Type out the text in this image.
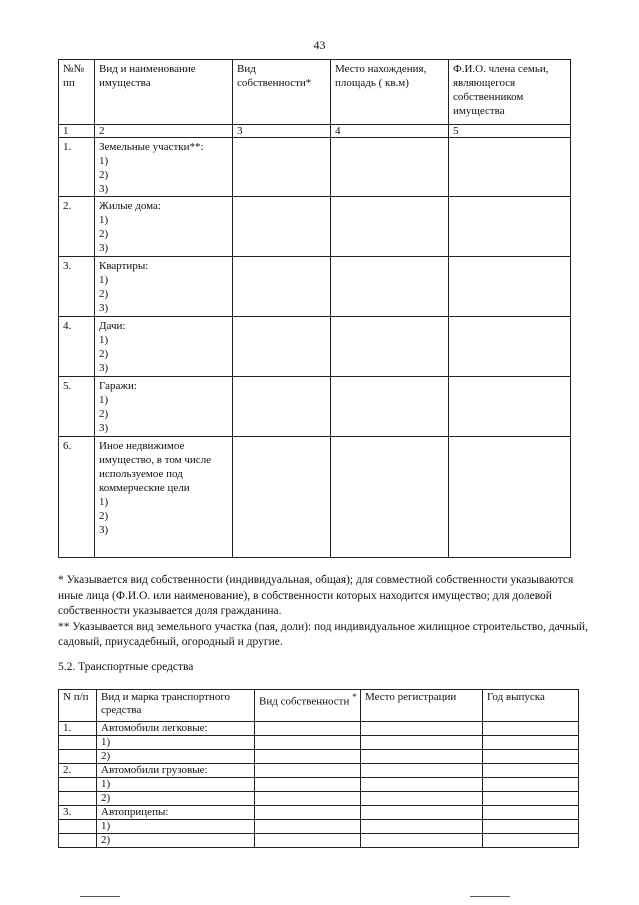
43
№№ пп	Вид и наименование имущества	Вид собственности*	Место нахождения, площадь ( кв.м)	Ф.И.О. члена семьи, являющегося собственником имущества
1	2	3	4	5
1.	Земельные участки**:
1)
2)
3)			

2.	Жилые дома:
1)
2)
3)			

3.	Квартиры:
1)
2)
3)			

4.	Дачи:
1)
2)
3)			

5.	Гаражи:
1)
2)
3)			

6.	Иное недвижимое имущество, в том числе используемое под коммерческие цели
1)
2)
3)			

* Указывается вид собственности (индивидуальная, общая); для совместной собственности указываются иные лица (Ф.И.О. или наименование), в собственности которых находится имущество; для долевой собственности указывается доля гражданина.

** Указывается вид земельного участка (пая, доли): под индивидуальное жилищное строительство, дачный, садовый, приусадебный, огородный и другие.

5.2. Транспортные средства
N п/п	Вид и марка транспортного средства	Вид собственности *	Место регистрации	Год выпуска
1.	Автомобили легковые:			
	1)			
	2)			
2.	Автомобили грузовые:			
	1)			
	2)			
3.	Автоприцепы:			
	1)			
	2)			
